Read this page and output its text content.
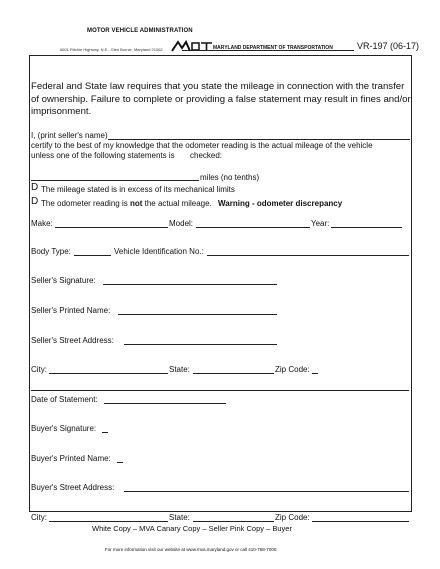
MOTOR VEHICLE ADMINISTRATION
MARYLAND DEPARTMENT OF TRANSPORTATION	VR-197 (06-17)
6601 Ritchie Highway, N.E., Glen Burnie, Maryland 21062
Federal and State law requires that you state the mileage in connection with the transfer of ownership. Failure to complete or providing a false statement may result in fines and/or imprisonment.
I, (print seller's name)
certify to the best of my knowledge that the odometer reading is the actual mileage of the vehicle
unless one of the following statements is checked:
miles (no tenths)
D The mileage stated is in excess of its mechanical limits
D The odometer reading is not the actual mileage. Warning - odometer discrepancy
Make:	Model:	Year:
Body Type:	Vehicle Identification No.:
Seller's Signature:
Seller's Printed Name:
Seller's Street Address:
City:	State:	Zip Code:
Date of Statement:
Buyer's Signature:
Buyer's Printed Name:
Buyer's Street Address:
City:	State:	Zip Code:
White Copy – MVA Canary Copy – Seller Pink Copy – Buyer
For more information visit our website at www.mva.maryland.gov or call 410-768-7000.
